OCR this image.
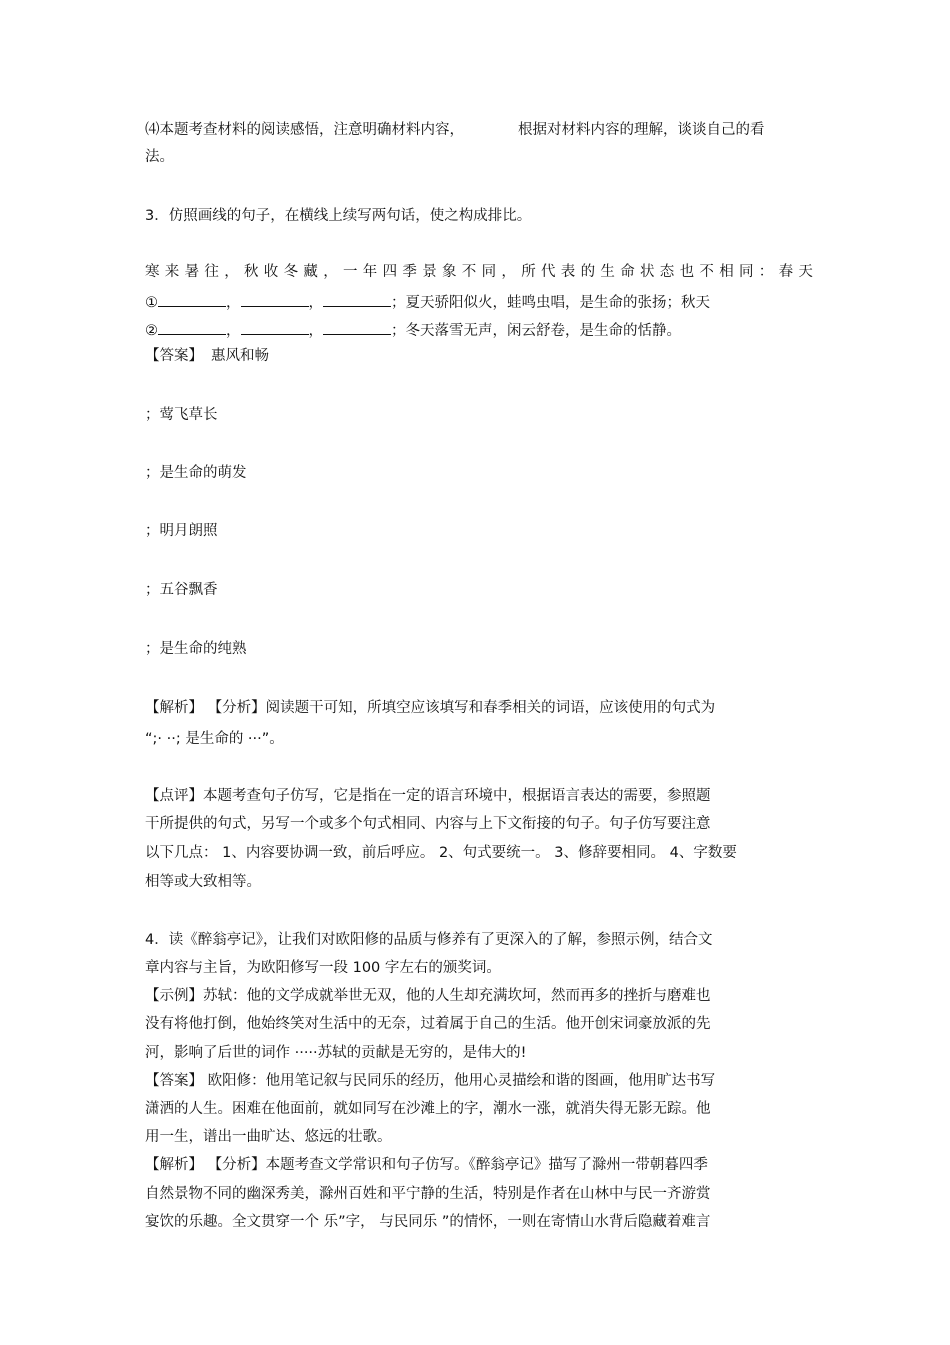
⑷本题考查材料的阅读感悟，注意明确材料内容，	根据对材料内容的理解，谈谈自己的看
法。
3．仿照画线的句子，在横线上续写两句话，使之构成排比。
寒来暑往，秋收冬藏，一年四季景象不同，所代表的生命状态也不相同：春天
①	，	，	；夏天骄阳似火，蛙鸣虫唱，是生命的张扬；秋天
②	，	，	；冬天落雪无声，闲云舒卷，是生命的恬静。
【答案】 惠风和畅
；莺飞草长
；是生命的萌发
；明月朗照
；五谷飘香
；是生命的纯熟
【解析】 【分析】阅读题干可知，所填空应该填写和春季相关的词语，应该使用的句式为
“;· ··; 是生命的 ···”。
【点评】本题考查句子仿写，它是指在一定的语言环境中，根据语言表达的需要，参照题
干所提供的句式，另写一个或多个句式相同、内容与上下文衔接的句子。句子仿写要注意
以下几点： 1、内容要协调一致，前后呼应。 2、句式要统一。 3、修辞要相同。 4、字数要
相等或大致相等。
4．读《醉翁亭记》，让我们对欧阳修的品质与修养有了更深入的了解，参照示例，结合文
章内容与主旨，为欧阳修写一段 100 字左右的颁奖词。
【示例】苏轼：他的文学成就举世无双，他的人生却充满坎坷，然而再多的挫折与磨难也
没有将他打倒，他始终笑对生活中的无奈，过着属于自己的生活。他开创宋词豪放派的先
河，影响了后世的词作 ·····苏轼的贡献是无穷的，是伟大的!
【答案】 欧阳修：他用笔记叙与民同乐的经历，他用心灵描绘和谐的图画，他用旷达书写
潇洒的人生。困难在他面前，就如同写在沙滩上的字，潮水一涨，就消失得无影无踪。他
用一生，谱出一曲旷达、悠远的壮歌。
【解析】 【分析】本题考查文学常识和句子仿写。《醉翁亭记》描写了滁州一带朝暮四季
自然景物不同的幽深秀美，滁州百姓和平宁静的生活，特别是作者在山林中与民一齐游赏
宴饮的乐趣。全文贯穿一个 乐”字， 与民同乐 ”的情怀，一则在寄情山水背后隐藏着难言
